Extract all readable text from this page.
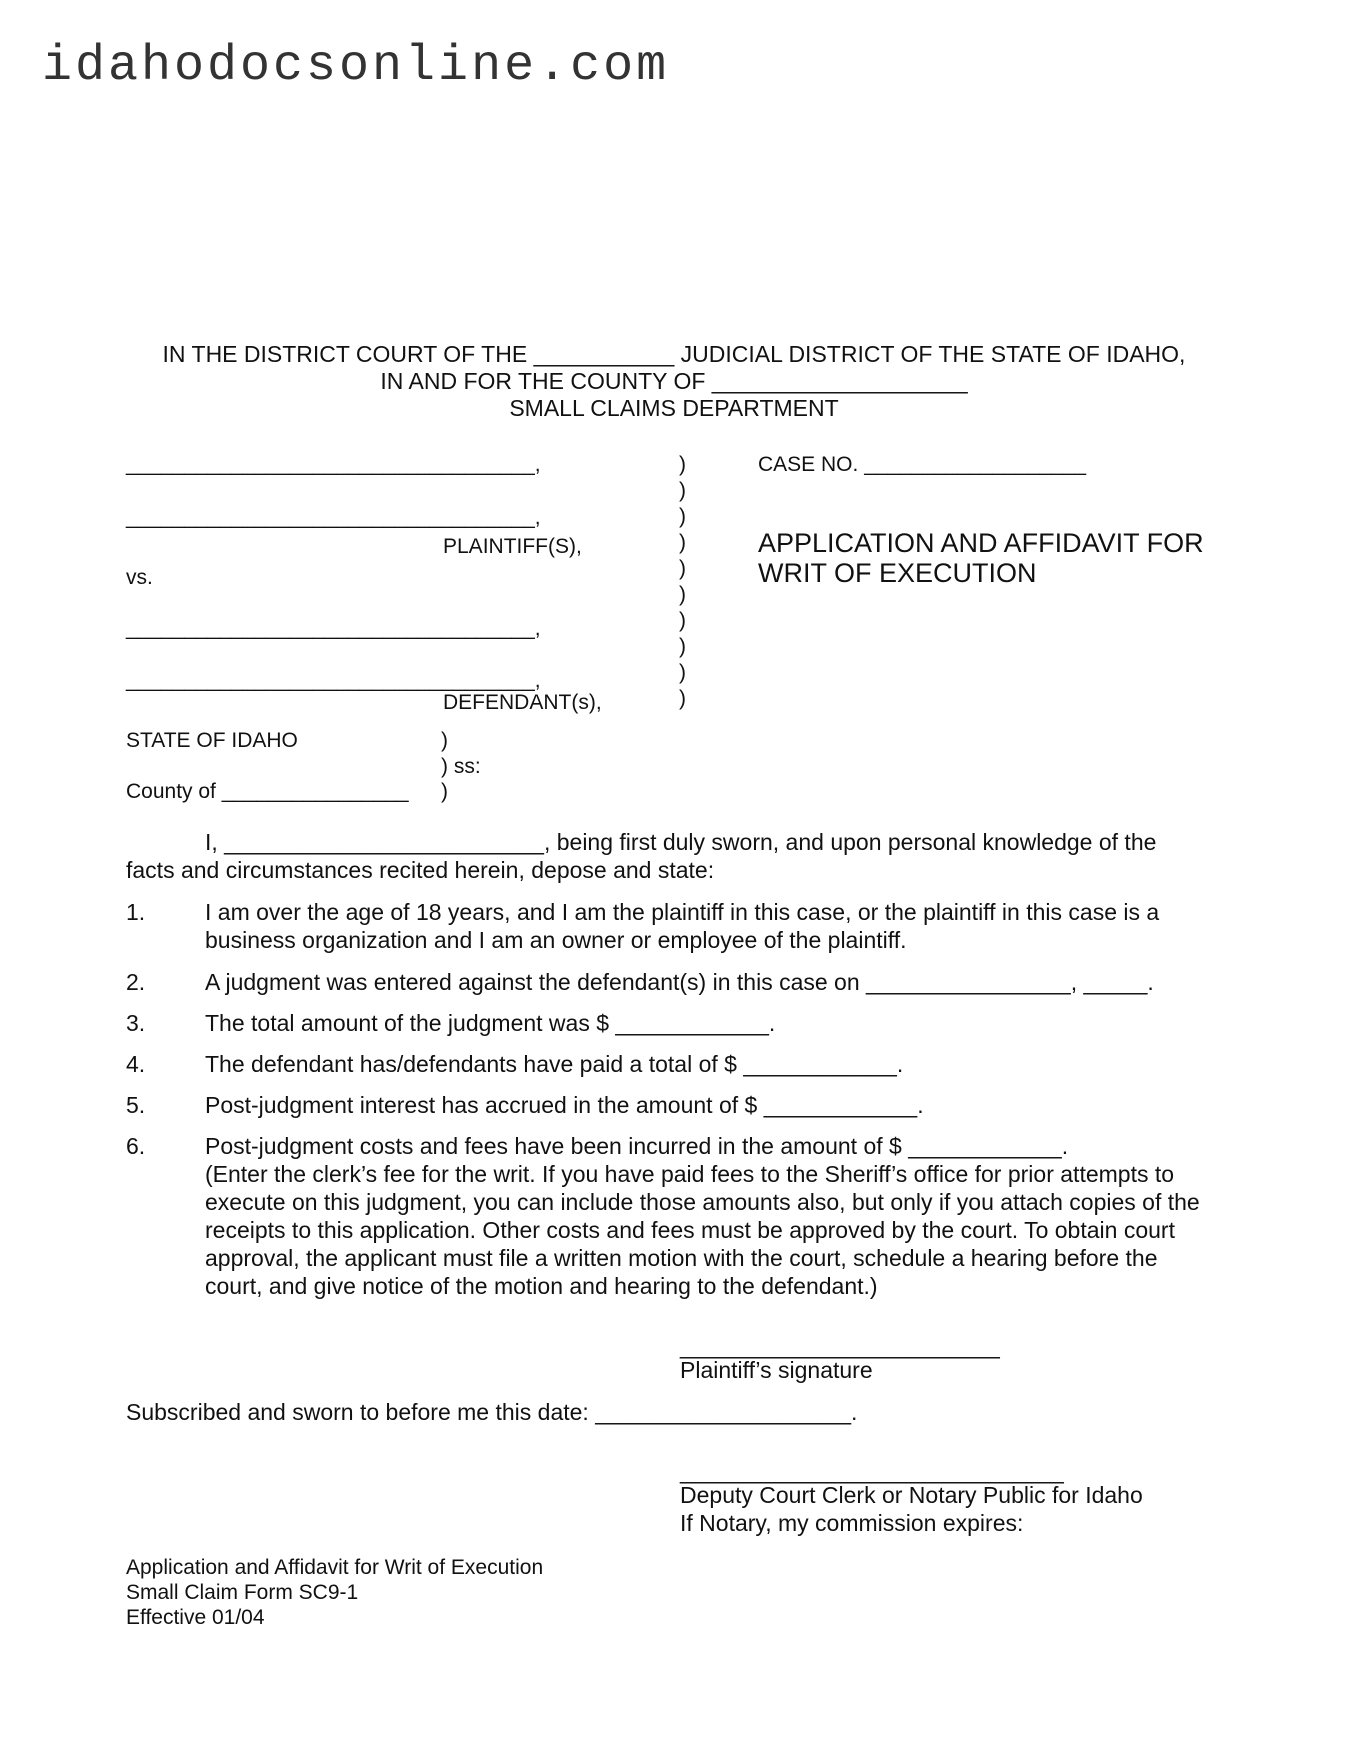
idahodocsonline.com
IN THE DISTRICT COURT OF THE ___________ JUDICIAL DISTRICT OF THE STATE OF IDAHO,
IN AND FOR THE COUNTY OF ____________________
SMALL CLAIMS DEPARTMENT
___________________________________,
___________________________________,
PLAINTIFF(S),
vs.
___________________________________,
___________________________________,
DEFENDANT(s),
)
)
)
)
)
)
)
)
)
)
CASE NO. ___________________
APPLICATION AND AFFIDAVIT FOR
WRIT OF EXECUTION
STATE OF IDAHO
County of ________________
)
) ss:
)
I, _________________________, being first duly sworn, and upon personal knowledge of the
facts and circumstances recited herein, depose and state:
1.	I am over the age of 18 years, and I am the plaintiff in this case, or the plaintiff in this case is a
business organization and I am an owner or employee of the plaintiff.
2.	A judgment was entered against the defendant(s) in this case on ________________, _____.
3.	The total amount of the judgment was $ ____________.
4.	The defendant has/defendants have paid a total of $ ____________.
5.	Post-judgment interest has accrued in the amount of $ ____________.
6.	Post-judgment costs and fees have been incurred in the amount of $ ____________.
(Enter the clerk’s fee for the writ. If you have paid fees to the Sheriff’s office for prior attempts to execute on this judgment, you can include those amounts also, but only if you attach copies of the receipts to this application. Other costs and fees must be approved by the court. To obtain court approval, the applicant must file a written motion with the court, schedule a hearing before the court, and give notice of the motion and hearing to the defendant.)
_________________________
Plaintiff’s signature
Subscribed and sworn to before me this date: ____________________.
______________________________
Deputy Court Clerk or Notary Public for Idaho
If Notary, my commission expires:
Application and Affidavit for Writ of Execution
Small Claim Form SC9-1
Effective 01/04
